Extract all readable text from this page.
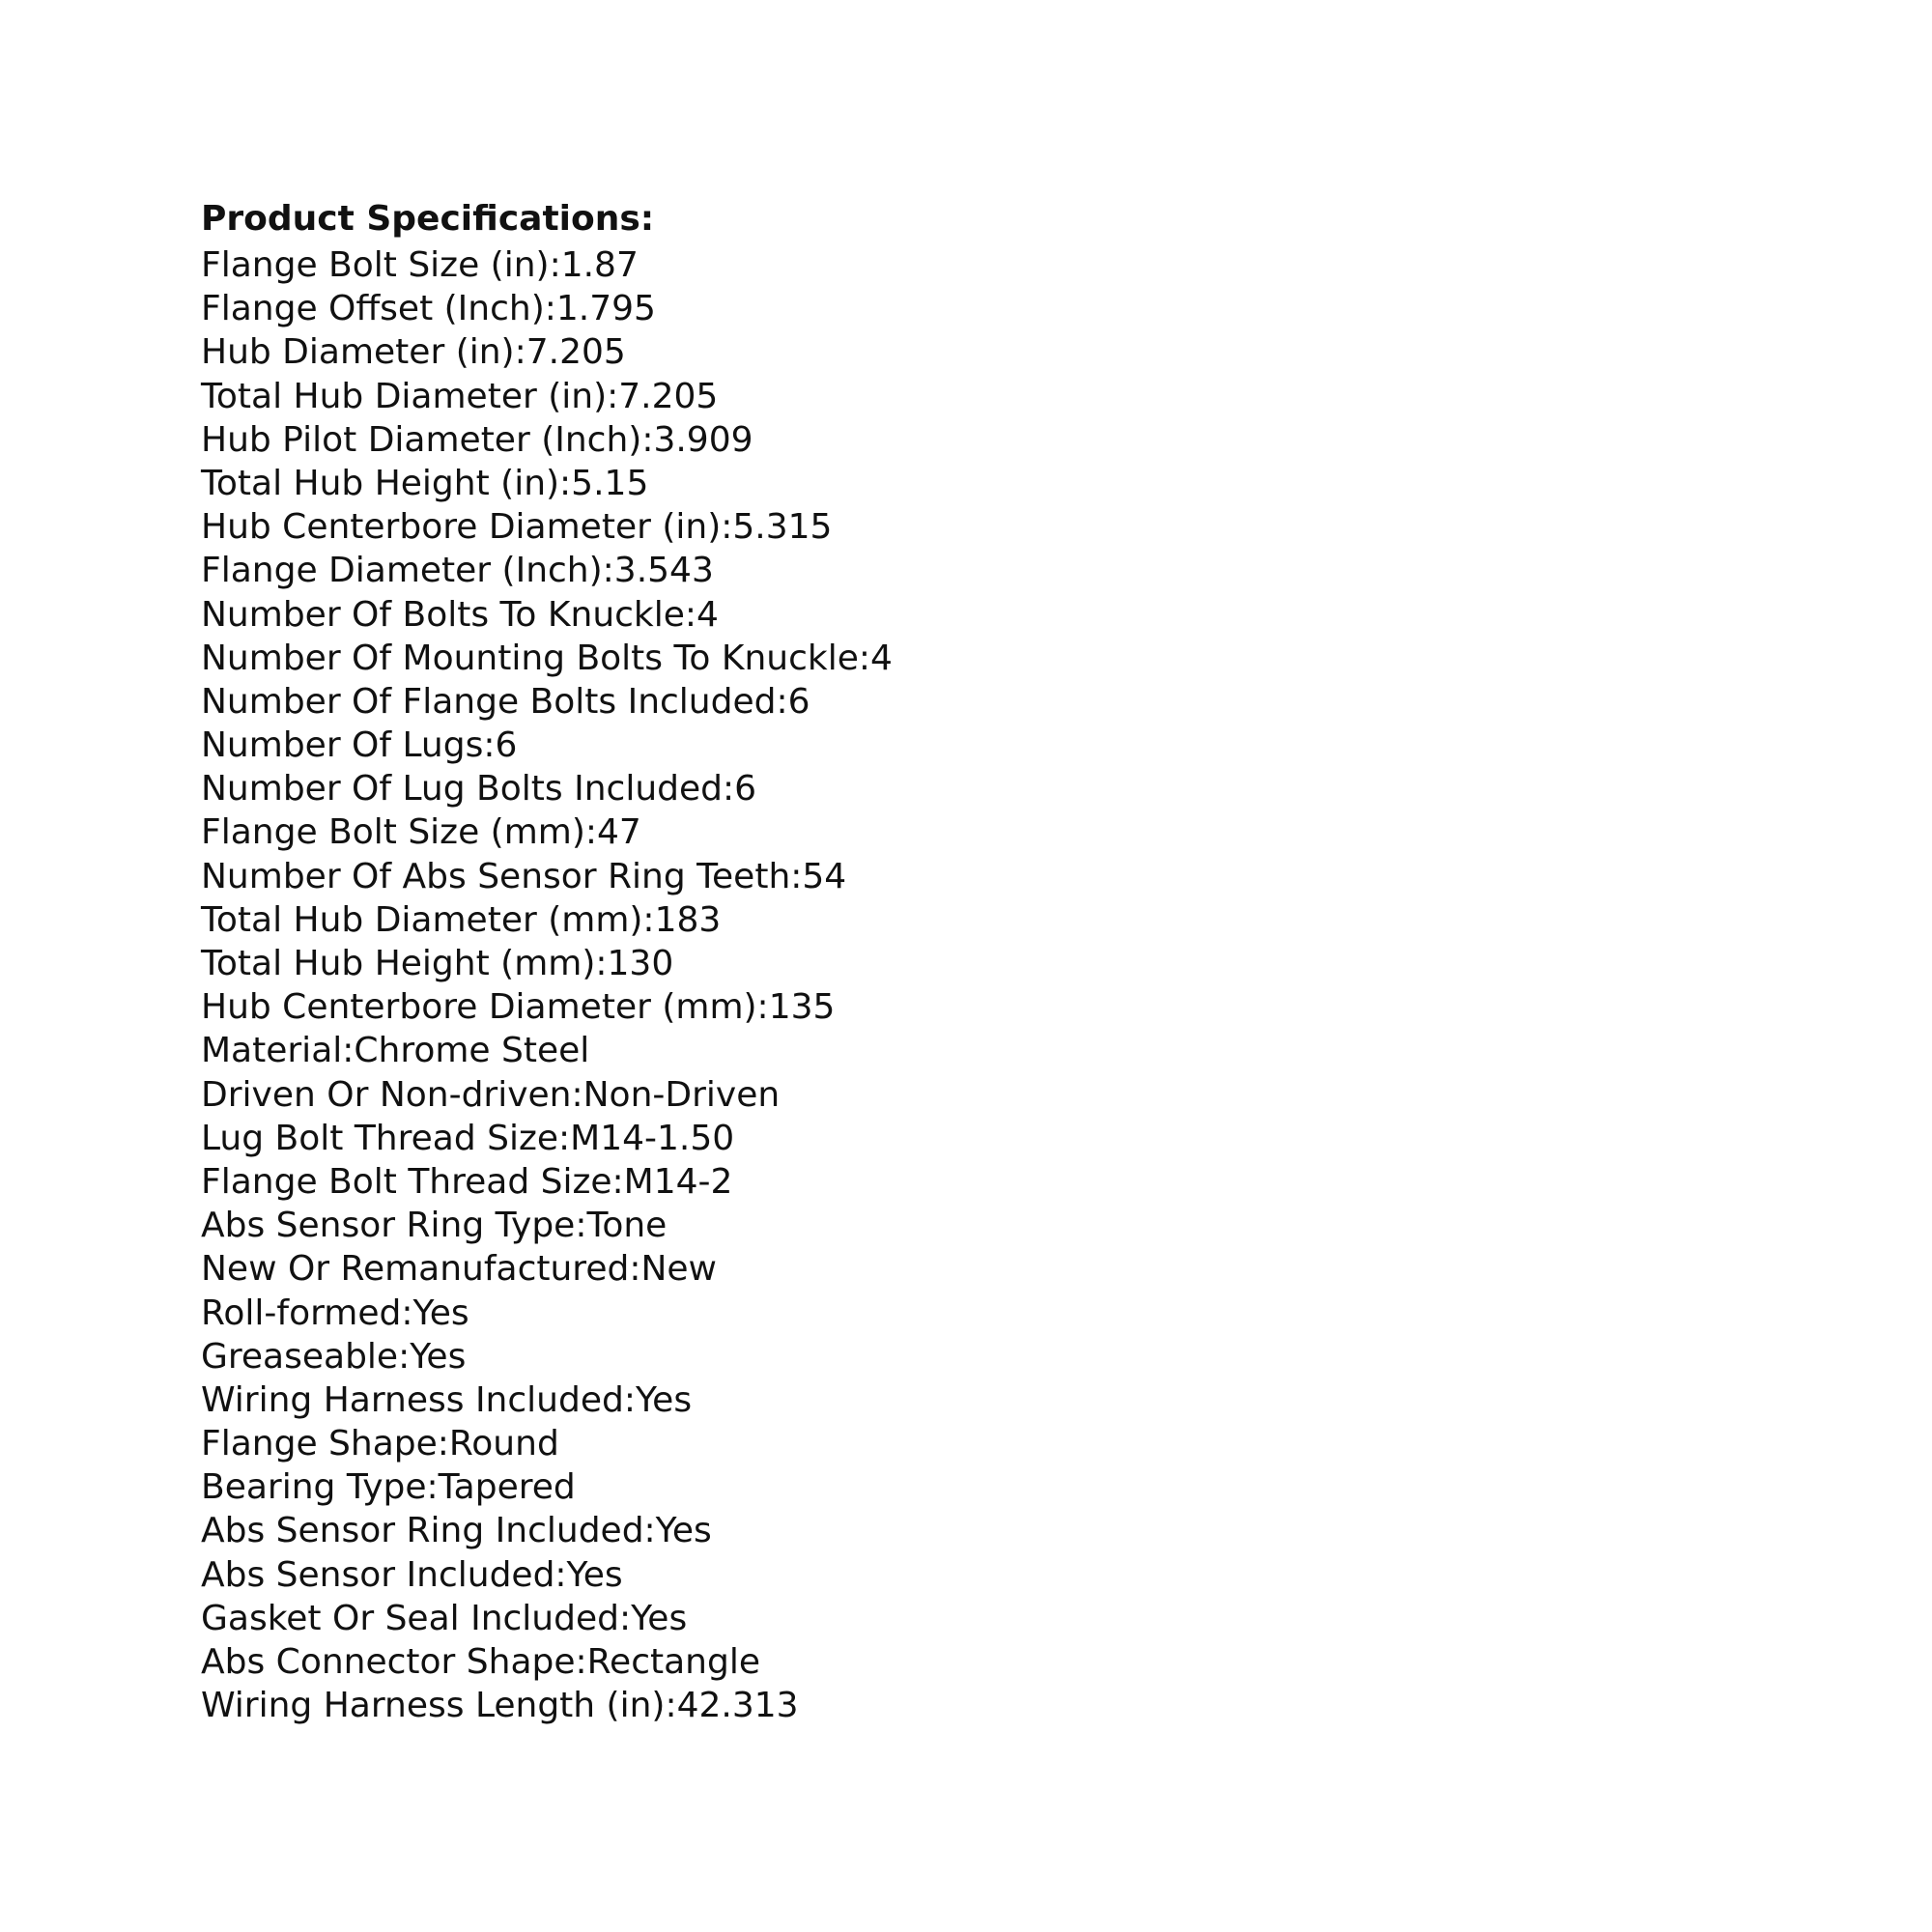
Product Specifications:
Flange Bolt Size (in):1.87
Flange Offset (Inch):1.795
Hub Diameter (in):7.205
Total Hub Diameter (in):7.205
Hub Pilot Diameter (Inch):3.909
Total Hub Height (in):5.15
Hub Centerbore Diameter (in):5.315
Flange Diameter (Inch):3.543
Number Of Bolts To Knuckle:4
Number Of Mounting Bolts To Knuckle:4
Number Of Flange Bolts Included:6
Number Of Lugs:6
Number Of Lug Bolts Included:6
Flange Bolt Size (mm):47
Number Of Abs Sensor Ring Teeth:54
Total Hub Diameter (mm):183
Total Hub Height (mm):130
Hub Centerbore Diameter (mm):135
Material:Chrome Steel
Driven Or Non-driven:Non-Driven
Lug Bolt Thread Size:M14-1.50
Flange Bolt Thread Size:M14-2
Abs Sensor Ring Type:Tone
New Or Remanufactured:New
Roll-formed:Yes
Greaseable:Yes
Wiring Harness Included:Yes
Flange Shape:Round
Bearing Type:Tapered
Abs Sensor Ring Included:Yes
Abs Sensor Included:Yes
Gasket Or Seal Included:Yes
Abs Connector Shape:Rectangle
Wiring Harness Length (in):42.313
